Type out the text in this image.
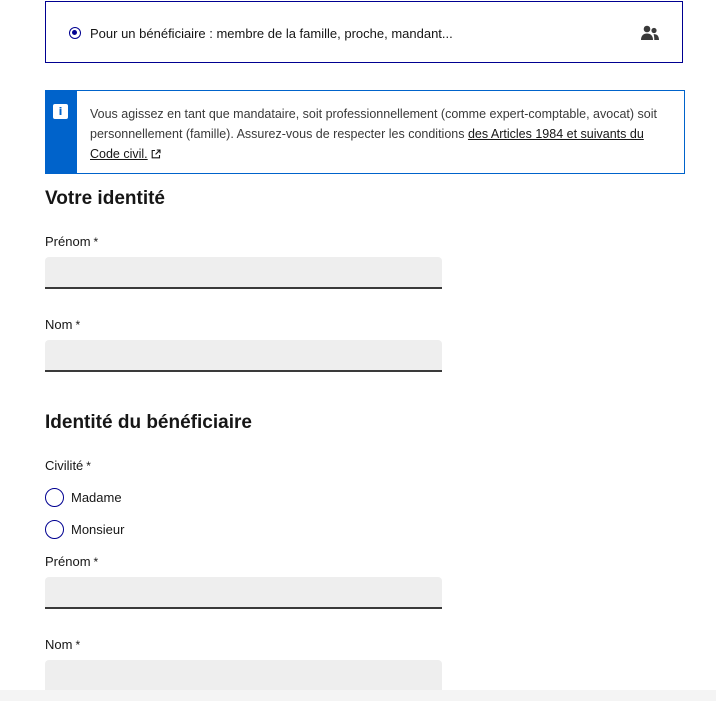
Pour un bénéficiaire : membre de la famille, proche, mandant...
i	Vous agissez en tant que mandataire, soit professionnellement (comme expert-comptable, avocat) soit personnellement (famille). Assurez-vous de respecter les conditions des Articles 1984 et suivants du Code civil.
Votre identité
Prénom *
Nom *
Identité du bénéficiaire
Civilité *
Madame
Monsieur
Prénom *
Nom *
